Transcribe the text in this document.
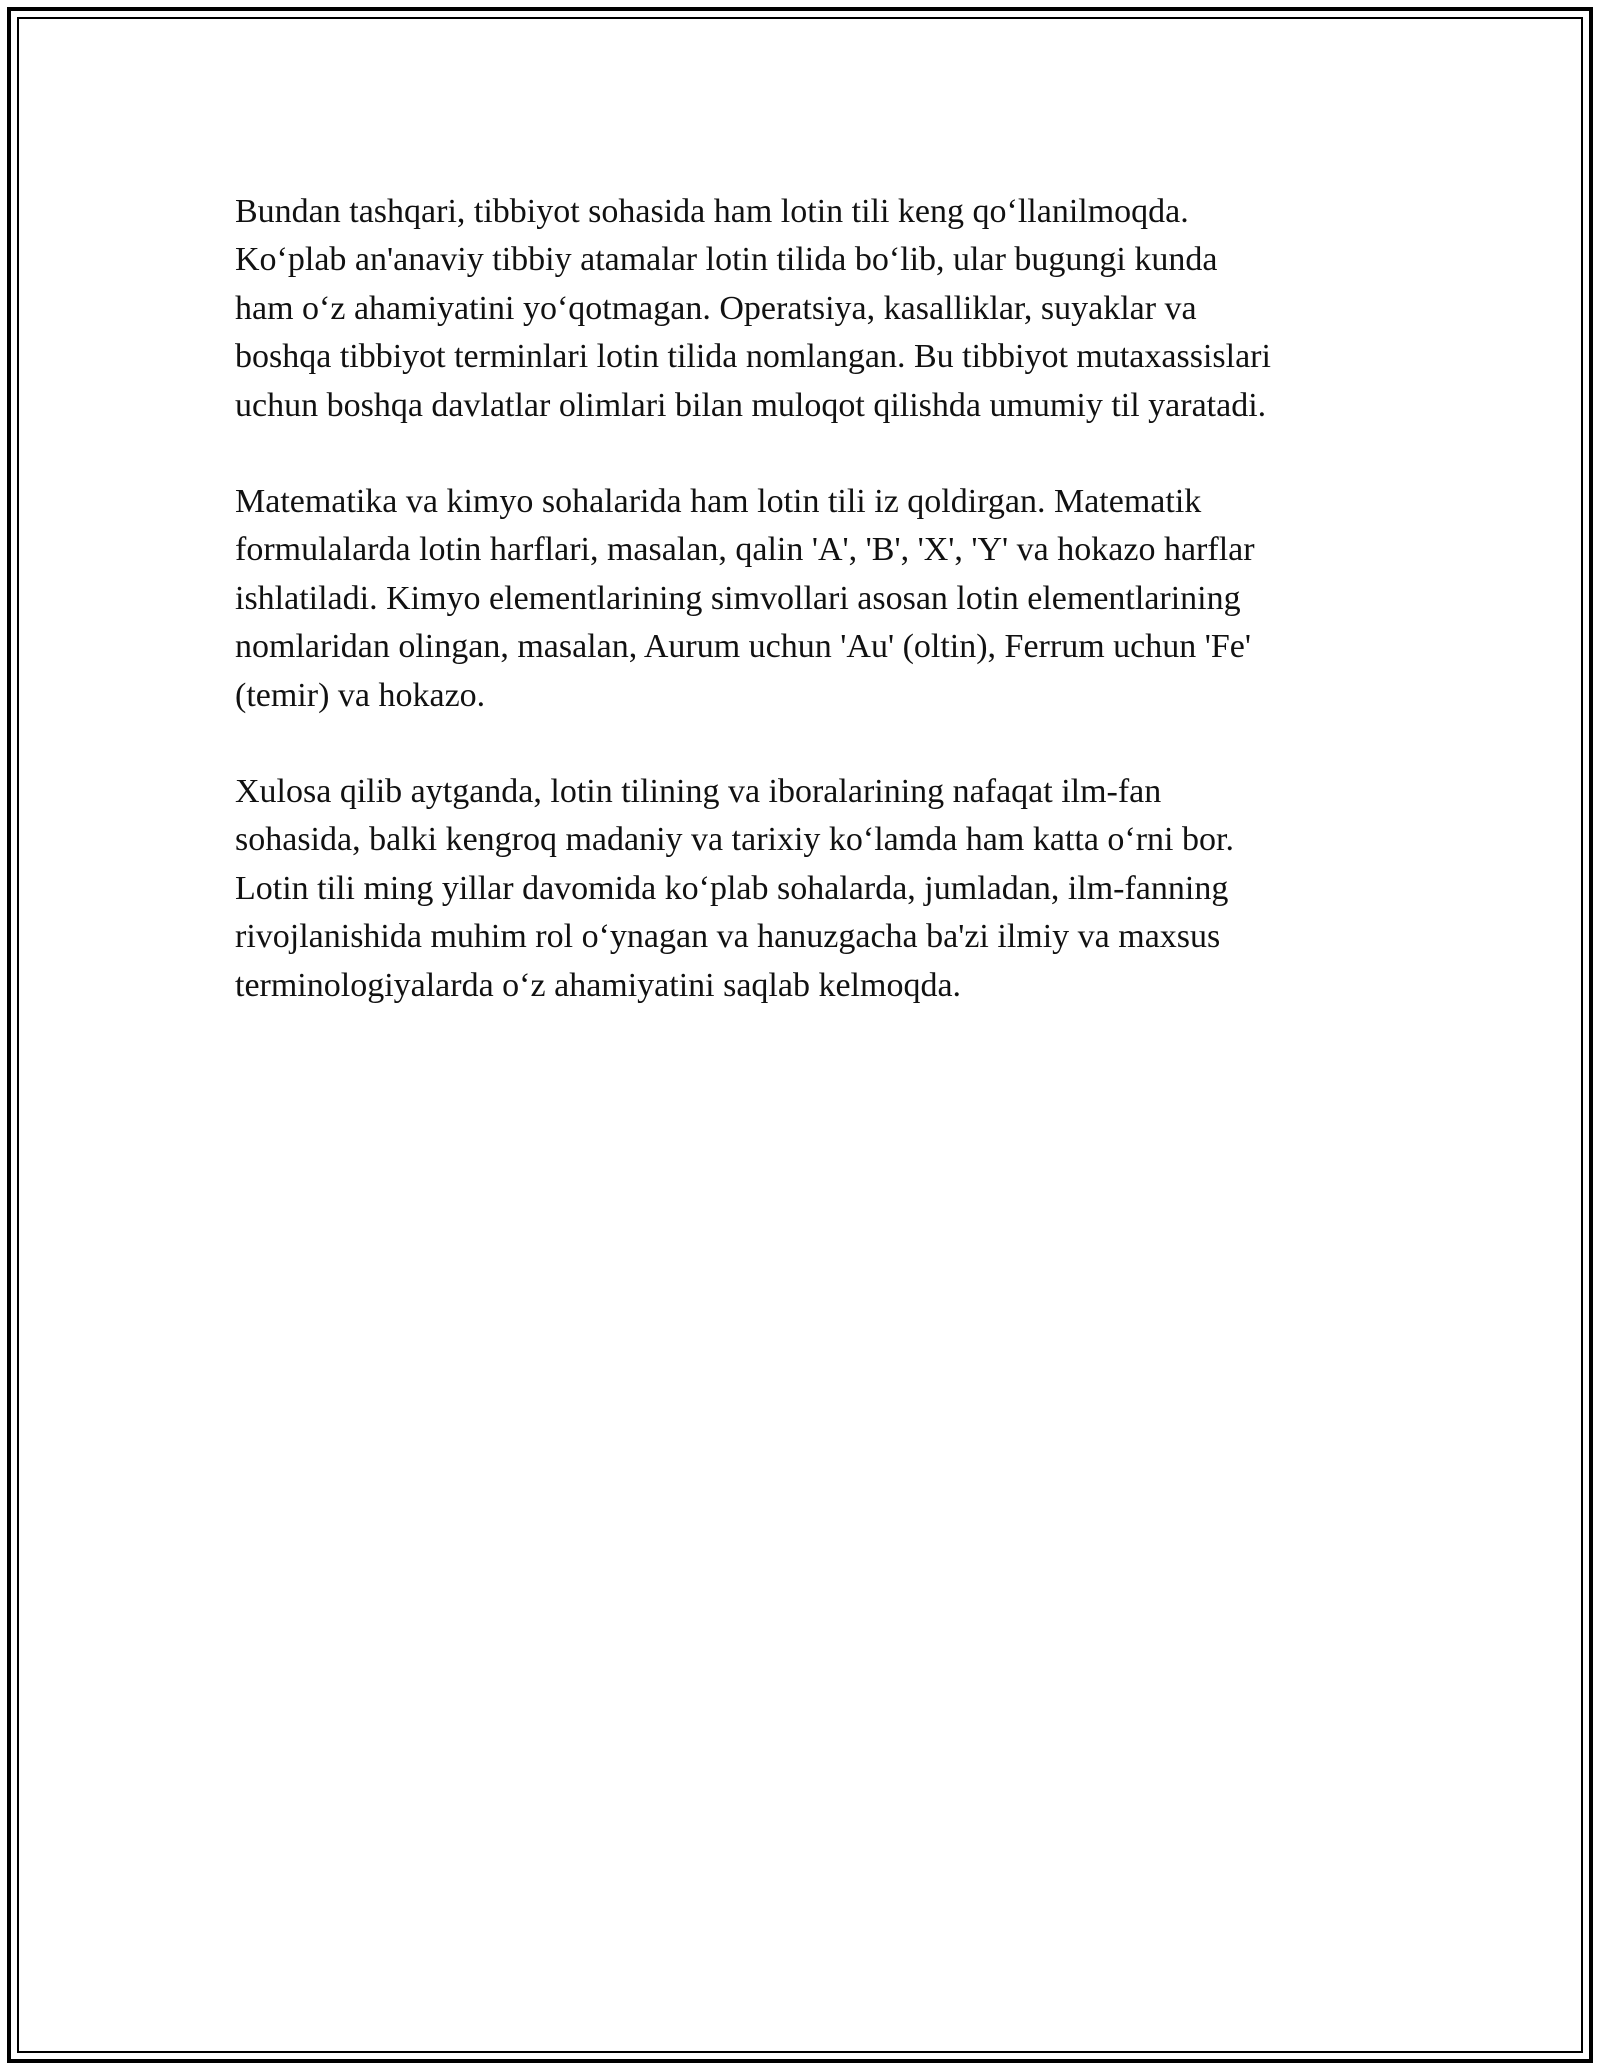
Bundan tashqari, tibbiyot sohasida ham lotin tili keng qo‘llanilmoqda.
Ko‘plab an'anaviy tibbiy atamalar lotin tilida bo‘lib, ular bugungi kunda
ham o‘z ahamiyatini yo‘qotmagan. Operatsiya, kasalliklar, suyaklar va
boshqa tibbiyot terminlari lotin tilida nomlangan. Bu tibbiyot mutaxassislari
uchun boshqa davlatlar olimlari bilan muloqot qilishda umumiy til yaratadi.

Matematika va kimyo sohalarida ham lotin tili iz qoldirgan. Matematik
formulalarda lotin harflari, masalan, qalin 'A', 'B', 'X', 'Y' va hokazo harflar
ishlatiladi. Kimyo elementlarining simvollari asosan lotin elementlarining
nomlaridan olingan, masalan, Aurum uchun 'Au' (oltin), Ferrum uchun 'Fe'
(temir) va hokazo.

Xulosa qilib aytganda, lotin tilining va iboralarining nafaqat ilm-fan
sohasida, balki kengroq madaniy va tarixiy ko‘lamda ham katta o‘rni bor.
Lotin tili ming yillar davomida ko‘plab sohalarda, jumladan, ilm-fanning
rivojlanishida muhim rol o‘ynagan va hanuzgacha ba'zi ilmiy va maxsus
terminologiyalarda o‘z ahamiyatini saqlab kelmoqda.
